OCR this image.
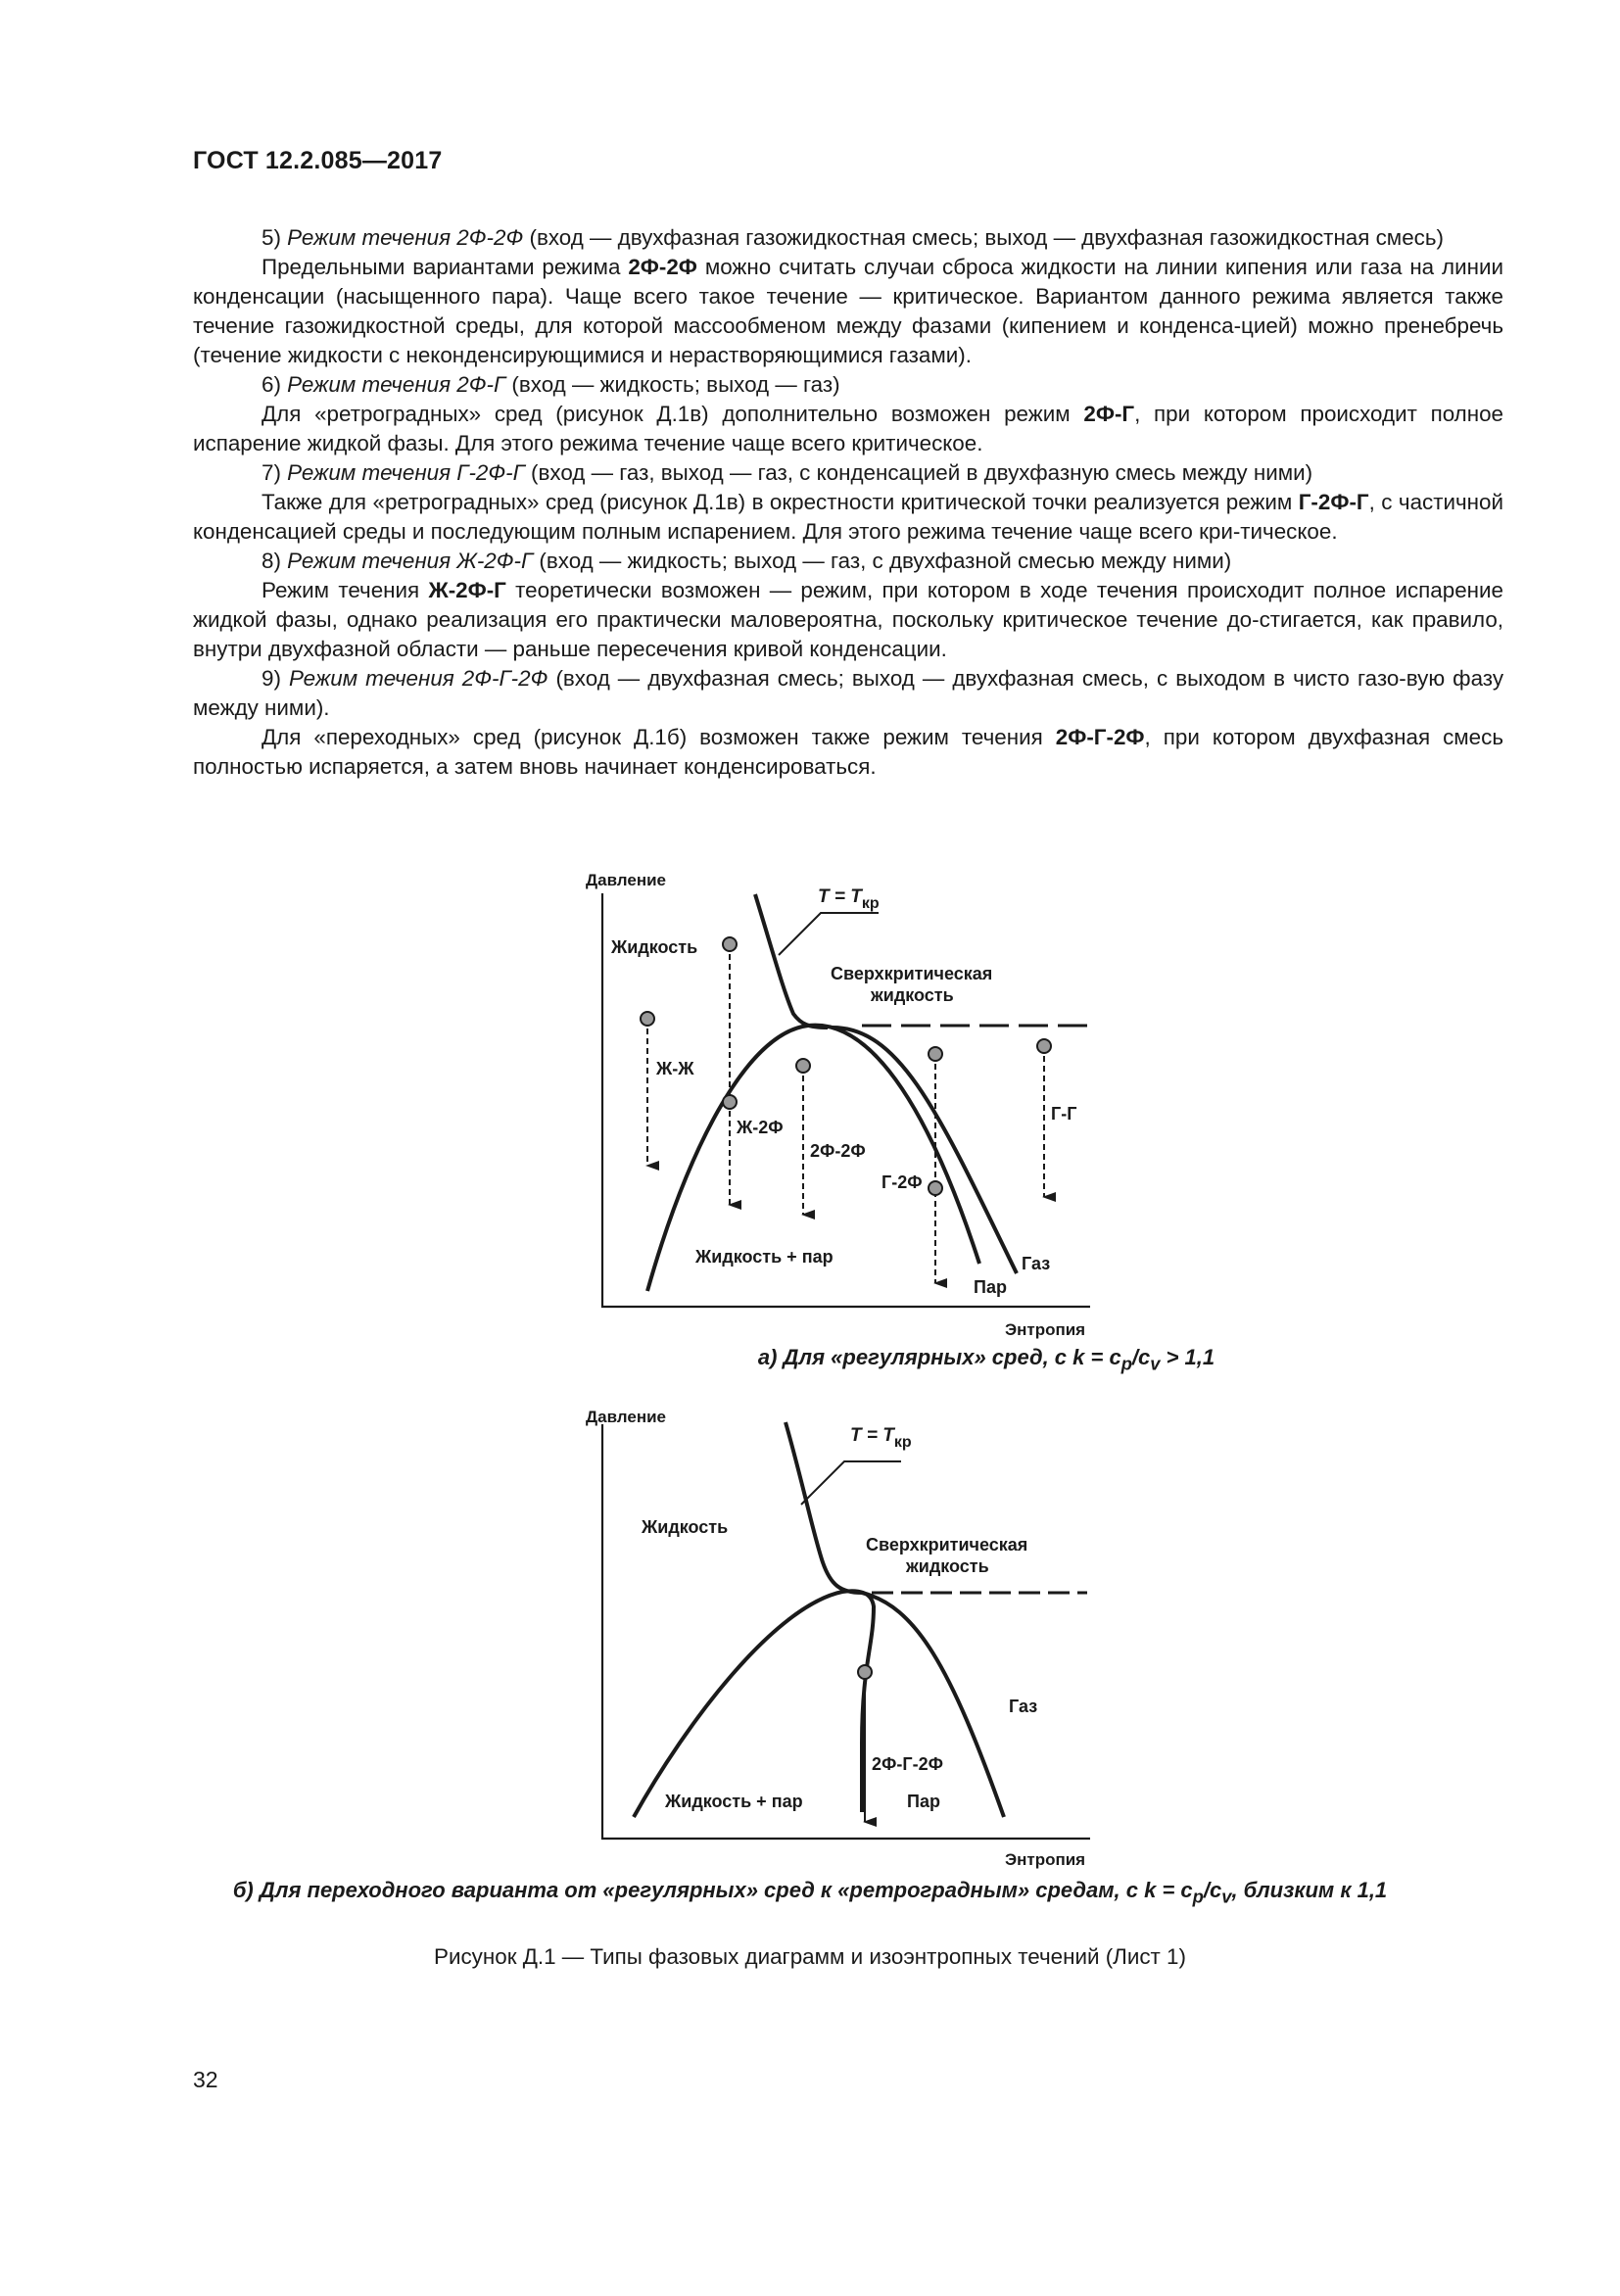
ГОСТ 12.2.085—2017

5) Режим течения 2Ф-2Ф (вход — двухфазная газожидкостная смесь; выход — двухфазная газожидкостная смесь)

Предельными вариантами режима 2Ф-2Ф можно считать случаи сброса жидкости на линии кипения или газа на линии конденсации (насыщенного пара). Чаще всего такое течение — критическое. Вариантом данного режима является также течение газожидкостной среды, для которой массообменом между фазами (кипением и конденса-цией) можно пренебречь (течение жидкости с неконденсирующимися и нерастворяющимися газами).

6) Режим течения 2Ф-Г (вход — жидкость; выход — газ)

Для «ретроградных» сред (рисунок Д.1в) дополнительно возможен режим 2Ф-Г, при котором происходит полное испарение жидкой фазы. Для этого режима течение чаще всего критическое.

7) Режим течения Г-2Ф-Г (вход — газ, выход — газ, с конденсацией в двухфазную смесь между ними)

Также для «ретроградных» сред (рисунок Д.1в) в окрестности критической точки реализуется режим Г-2Ф-Г, с частичной конденсацией среды и последующим полным испарением. Для этого режима течение чаще всего кри-тическое.

8) Режим течения Ж-2Ф-Г (вход — жидкость; выход — газ, с двухфазной смесью между ними)

Режим течения Ж-2Ф-Г теоретически возможен — режим, при котором в ходе течения происходит полное испарение жидкой фазы, однако реализация его практически маловероятна, поскольку критическое течение до-стигается, как правило, внутри двухфазной области — раньше пересечения кривой конденсации.

9) Режим течения 2Ф-Г-2Ф (вход — двухфазная смесь; выход — двухфазная смесь, с выходом в чисто газо-вую фазу между ними).

Для «переходных» сред (рисунок Д.1б) возможен также режим течения 2Ф-Г-2Ф, при котором двухфазная смесь полностью испаряется, а затем вновь начинает конденсироваться.

Давление
Энтропия
$T = T_{кр}$
Жидкость
Сверхкритическая
жидкость
Ж-Ж
Ж-2Ф
2Ф-2Ф
Г-2Ф
Г-Г
Жидкость + пар
Пар
Газ
а) Для «регулярных» сред, с $k = c_p/c_v > 1,1$
Давление
Энтропия
$T = T_{кр}$
Жидкость
Сверхкритическая
жидкость
Газ
2Ф-Г-2Ф
Жидкость + пар	Пар
б) Для переходного варианта от «регулярных» сред к «ретроградным» средам, с $k = c_p/c_v$, близким к 1,1
Рисунок Д.1 — Типы фазовых диаграмм и изоэнтропных течений (Лист 1)
32
